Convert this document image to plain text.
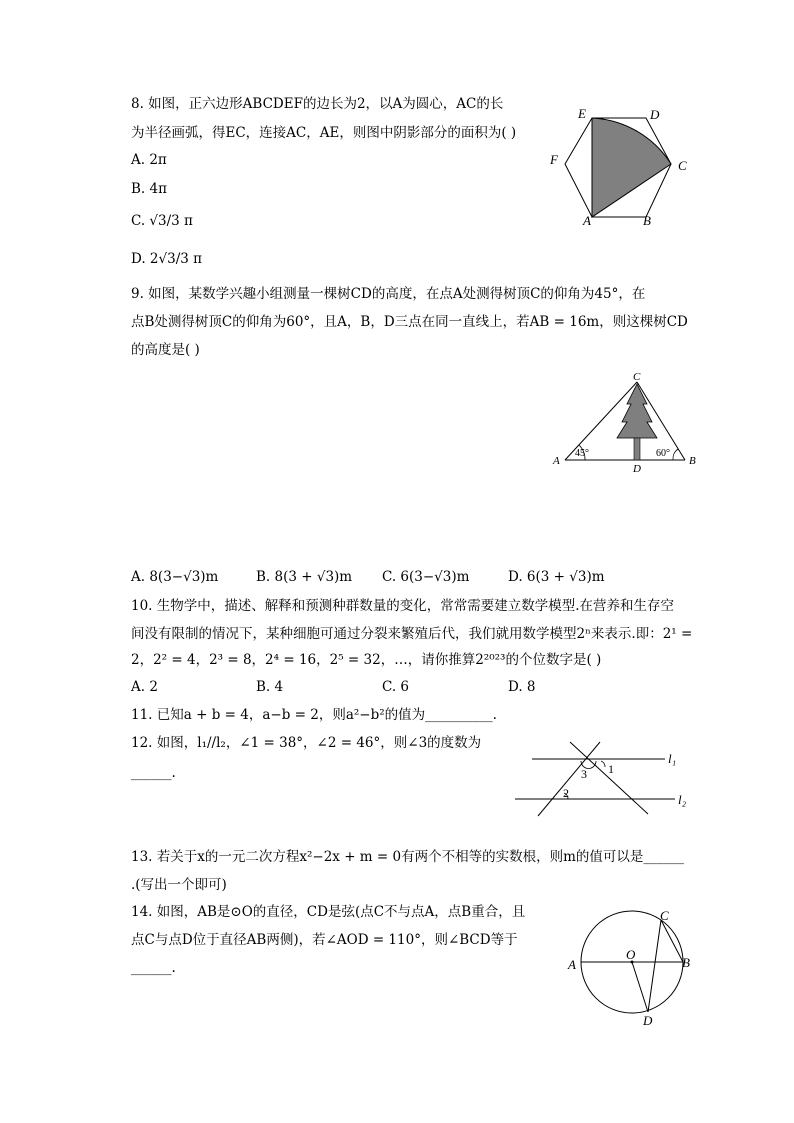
8. 如图，正六边形ABCDEF的边长为2，以A为圆心，AC的长
为半径画弧，得EC，连接AC，AE，则图中阴影部分的面积为( )
A. 2π
B. 4π
C. √3/3 π
D. 2√3/3 π
E	D
F	C
A	B
9. 如图，某数学兴趣小组测量一棵树CD的高度，在点A处测得树顶C的仰角为45°，在
点B处测得树顶C的仰角为60°，且A，B，D三点在同一直线上，若AB = 16m，则这棵树CD
的高度是( )
C
A
D
B
45°	60°
A. 8(3−√3)m	B. 8(3 + √3)m C. 6(3−√3)m	D. 6(3 + √3)m
10. 生物学中，描述、解释和预测种群数量的变化，常常需要建立数学模型.在营养和生存空
间没有限制的情况下，某种细胞可通过分裂来繁殖后代，我们就用数学模型2ⁿ来表示.即：2¹ =
2，2² = 4，2³ = 8，2⁴ = 16，2⁵ = 32，…，请你推算2²⁰²³的个位数字是( )
A. 2	B. 4	C. 6	D. 8
11. 已知a + b = 4，a−b = 2，则a²−b²的值为__________.
12. 如图，l₁//l₂，∠1 = 38°，∠2 = 46°，则∠3的度数为
______.
l₁
l₂
1
2
3
13. 若关于x的一元二次方程x²−2x + m = 0有两个不相等的实数根，则m的值可以是______
.(写出一个即可)
14. 如图，AB是⊙O的直径，CD是弦(点C不与点A，点B重合，且
点C与点D位于直径AB两侧)，若∠AOD = 110°，则∠BCD等于
______.	A
O
B
C
D
